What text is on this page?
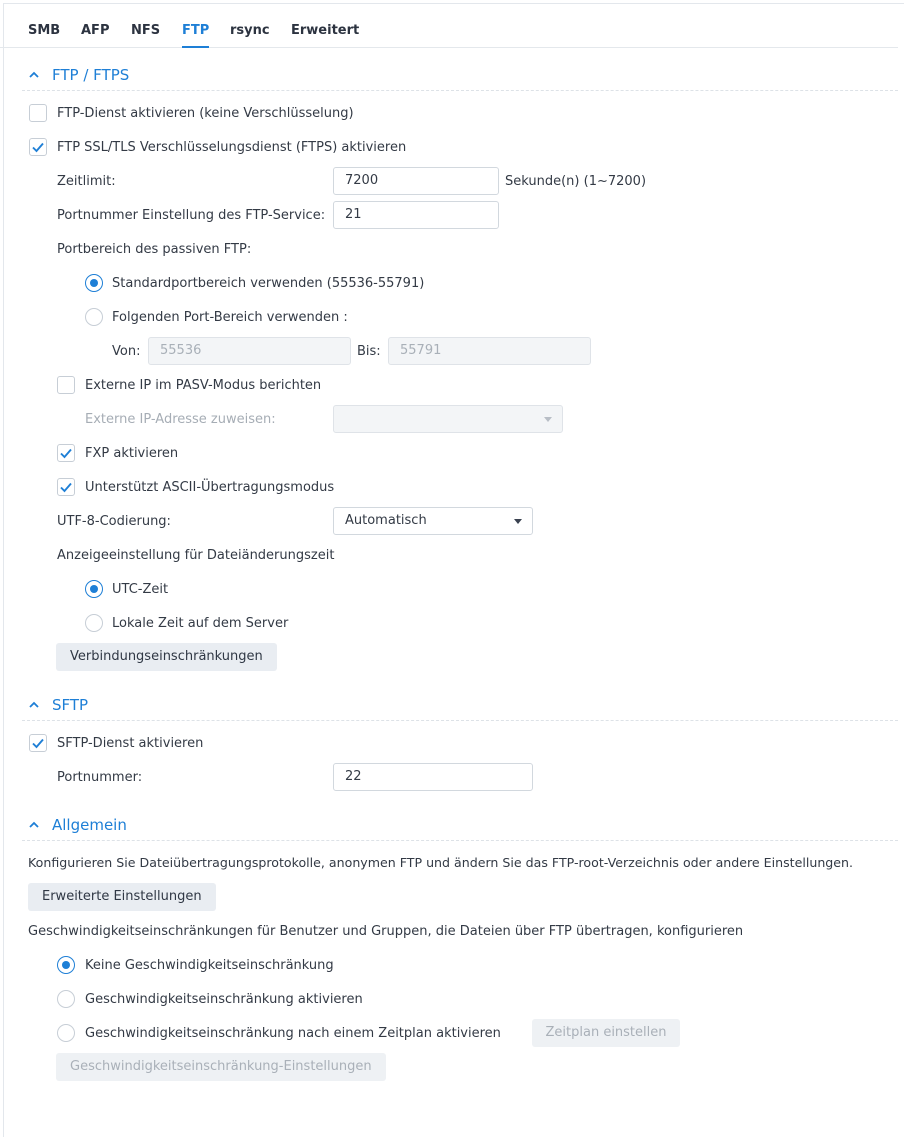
SMB AFP NFS FTP rsync Erweitert
FTP / FTPS
FTP-Dienst aktivieren (keine Verschlüsselung)
FTP SSL/TLS Verschlüsselungsdienst (FTPS) aktivieren
Zeitlimit:	7200	Sekunde(n) (1~7200)
Portnummer Einstellung des FTP-Service:	21
Portbereich des passiven FTP:
Standardportbereich verwenden (55536-55791)
Folgenden Port-Bereich verwenden :
Von:	55536	Bis:	55791
Externe IP im PASV-Modus berichten
Externe IP-Adresse zuweisen:
FXP aktivieren
Unterstützt ASCII-Übertragungsmodus
UTF-8-Codierung:	Automatisch
Anzeigeeinstellung für Dateiänderungszeit
UTC-Zeit
Lokale Zeit auf dem Server
Verbindungseinschränkungen
SFTP
SFTP-Dienst aktivieren
Portnummer:	22
Allgemein
Konfigurieren Sie Dateiübertragungsprotokolle, anonymen FTP und ändern Sie das FTP-root-Verzeichnis oder andere Einstellungen.
Erweiterte Einstellungen
Geschwindigkeitseinschränkungen für Benutzer und Gruppen, die Dateien über FTP übertragen, konfigurieren
Keine Geschwindigkeitseinschränkung
Geschwindigkeitseinschränkung aktivieren
Geschwindigkeitseinschränkung nach einem Zeitplan aktivieren	Zeitplan einstellen
Geschwindigkeitseinschränkung-Einstellungen
